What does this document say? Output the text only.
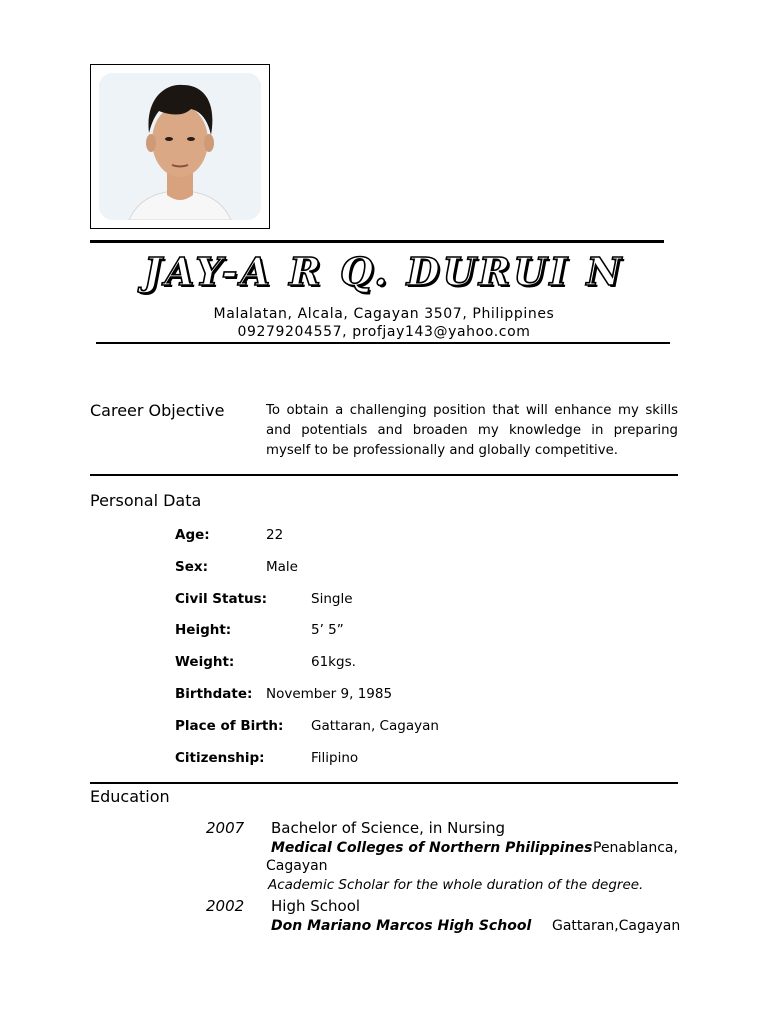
JAY-A R Q. DURUI N
Malalatan, Alcala, Cagayan 3507, Philippines
09279204557, profjay143@yahoo.com
Career Objective	To obtain a challenging position that will enhance my skills and potentials and broaden my knowledge in preparing myself to be professionally and globally competitive.
Personal Data
Age:	22
Sex:	Male
Civil Status:	Single
Height:	5’ 5”
Weight:	61kgs.
Birthdate: November 9, 1985
Place of Birth: Gattaran, Cagayan
Citizenship:	Filipino
Education
2007 Bachelor of Science, in Nursing
Medical Colleges of Northern Philippines Penablanca,
Cagayan
Academic Scholar for the whole duration of the degree.
2002 High School
Don Mariano Marcos High School Gattaran,Cagayan
